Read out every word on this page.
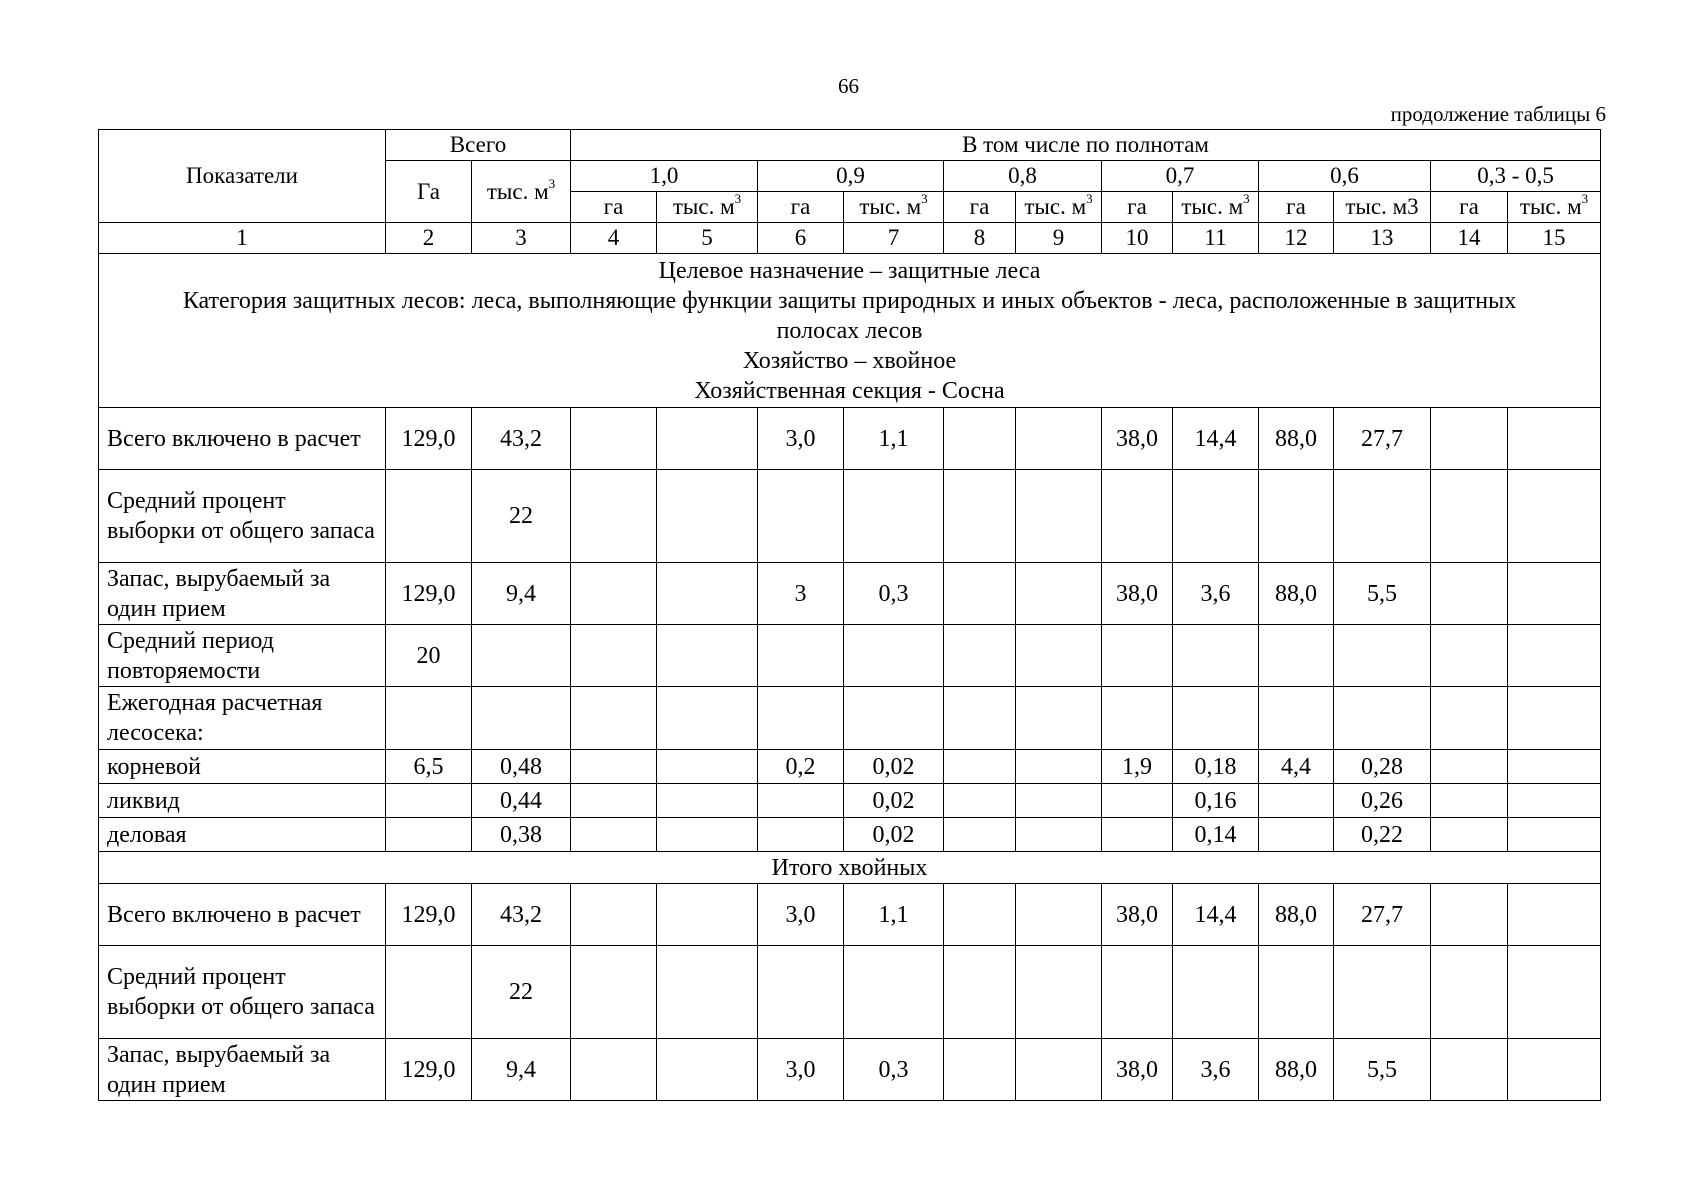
66
продолжение таблицы 6
Показатели	Всего		В том числе по полнотам											
	Га	тыс. $м^3$	1,0		0,9		0,8		0,7		0,6		0,3 - 0,5	
			га	тыс. $м^3$	га	тыс. $м^3$	га	тыс. $м^3$	га	тыс. $м^3$	га	тыс. м3	га	тыс. $м^3$
1	2	3	4	5	6	7	8	9	10	11	12	13	14	15

Целевое назначение – защитные леса
Категория защитных лесов: леса, выполняющие функции защиты природных и иных объектов - леса, расположенные в защитных
полосах лесов
Хозяйство – хвойное
Хозяйственная секция - Сосна														

Всего включено в расчет	129,0	43,2			3,0	1,1			38,0	14,4	88,0	27,7		
Средний процент выборки от общего запаса		22												
Запас, вырубаемый за один прием	129,0	9,4			3	0,3			38,0	3,6	88,0	5,5		
Средний период повторяемости	20													
Ежегодная расчетная лесосека:														
корневой	6,5	0,48			0,2	0,02			1,9	0,18	4,4	0,28		
ликвид		0,44				0,02				0,16		0,26		
деловая		0,38				0,02				0,14		0,22		
Итого хвойных														
Всего включено в расчет	129,0	43,2			3,0	1,1			38,0	14,4	88,0	27,7		
Средний процент выборки от общего запаса		22												
Запас, вырубаемый за один прием	129,0	9,4			3,0	0,3			38,0	3,6	88,0	5,5		
